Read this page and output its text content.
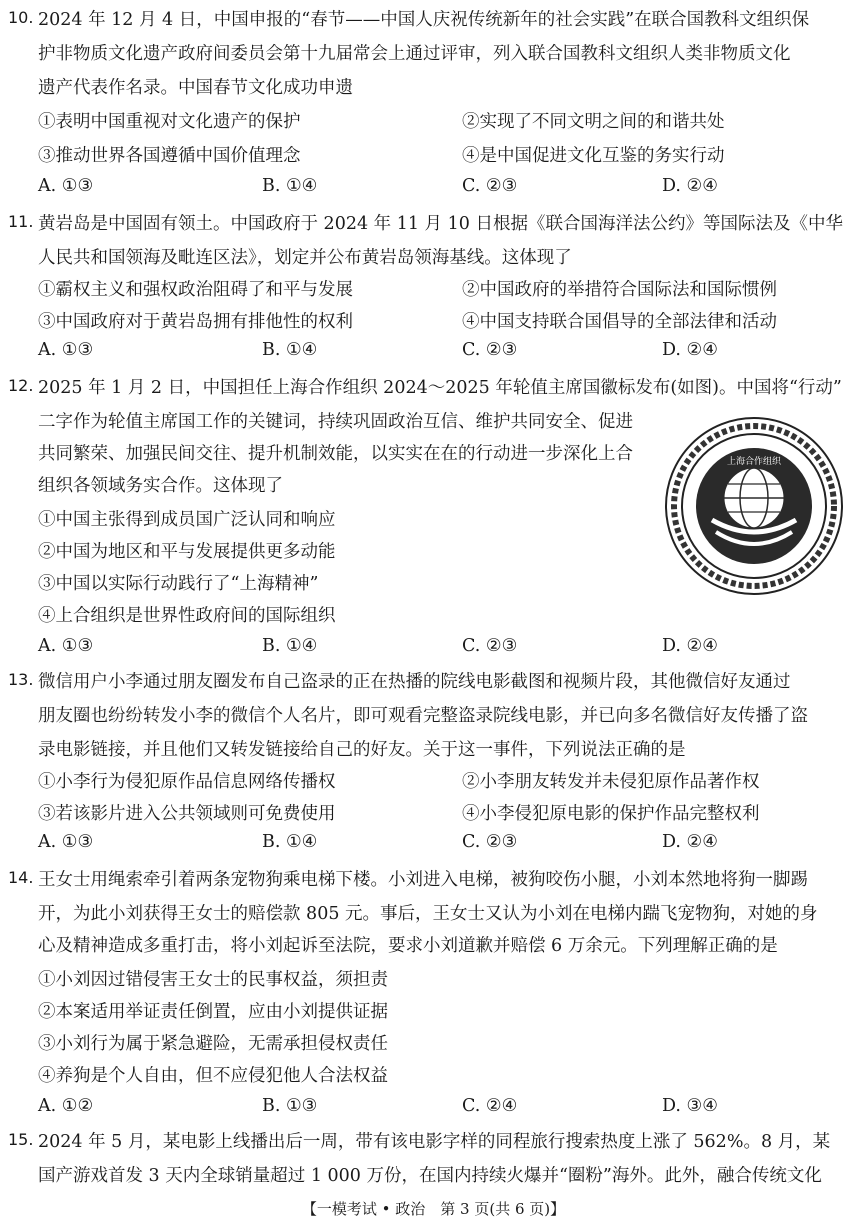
10. 2024 年 12 月 4 日，中国申报的“春节——中国人庆祝传统新年的社会实践”在联合国教科文组织保
护非物质文化遗产政府间委员会第十九届常会上通过评审，列入联合国教科文组织人类非物质文化
遗产代表作名录。中国春节文化成功申遗
①表明中国重视对文化遗产的保护	②实现了不同文明之间的和谐共处
③推动世界各国遵循中国价值理念	④是中国促进文化互鉴的务实行动
A. ①③	B. ①④	C. ②③	D. ②④
11. 黄岩岛是中国固有领土。中国政府于 2024 年 11 月 10 日根据《联合国海洋法公约》等国际法及《中华
人民共和国领海及毗连区法》，划定并公布黄岩岛领海基线。这体现了
①霸权主义和强权政治阻碍了和平与发展	②中国政府的举措符合国际法和国际惯例
③中国政府对于黄岩岛拥有排他性的权利	④中国支持联合国倡导的全部法律和活动
A. ①③	B. ①④	C. ②③	D. ②④
12. 2025 年 1 月 2 日，中国担任上海合作组织 2024～2025 年轮值主席国徽标发布(如图)。中国将“行动”
二字作为轮值主席国工作的关键词，持续巩固政治互信、维护共同安全、促进
共同繁荣、加强民间交往、提升机制效能，以实实在在的行动进一步深化上合
组织各领域务实合作。这体现了
①中国主张得到成员国广泛认同和响应
②中国为地区和平与发展提供更多动能
③中国以实际行动践行了“上海精神”
④上合组织是世界性政府间的国际组织
A. ①③	B. ①④	C. ②③	D. ②④
上海合作组织
13. 微信用户小李通过朋友圈发布自己盗录的正在热播的院线电影截图和视频片段，其他微信好友通过
朋友圈也纷纷转发小李的微信个人名片，即可观看完整盗录院线电影，并已向多名微信好友传播了盗
录电影链接，并且他们又转发链接给自己的好友。关于这一事件，下列说法正确的是
①小李行为侵犯原作品信息网络传播权	②小李朋友转发并未侵犯原作品著作权
③若该影片进入公共领域则可免费使用	④小李侵犯原电影的保护作品完整权利
A. ①③	B. ①④	C. ②③	D. ②④
14. 王女士用绳索牵引着两条宠物狗乘电梯下楼。小刘进入电梯，被狗咬伤小腿，小刘本然地将狗一脚踢
开，为此小刘获得王女士的赔偿款 805 元。事后，王女士又认为小刘在电梯内踹飞宠物狗，对她的身
心及精神造成多重打击，将小刘起诉至法院，要求小刘道歉并赔偿 6 万余元。下列理解正确的是
①小刘因过错侵害王女士的民事权益，须担责
②本案适用举证责任倒置，应由小刘提供证据
③小刘行为属于紧急避险，无需承担侵权责任
④养狗是个人自由，但不应侵犯他人合法权益
A. ①②	B. ①③	C. ②④	D. ③④
15. 2024 年 5 月，某电影上线播出后一周，带有该电影字样的同程旅行搜索热度上涨了 562%。8 月，某
国产游戏首发 3 天内全球销量超过 1 000 万份，在国内持续火爆并“圈粉”海外。此外，融合传统文化
【一模考试 • 政治　第 3 页(共 6 页)】
